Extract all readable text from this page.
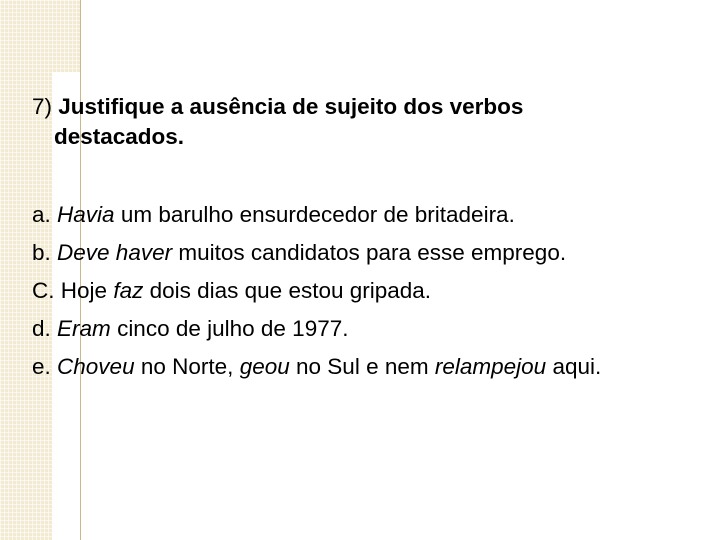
7) Justifique a ausência de sujeito dos verbos destacados.

a. Havia um barulho ensurdecedor de britadeira.

b. Deve haver muitos candidatos para esse emprego.

C. Hoje faz dois dias que estou gripada.

d. Eram cinco de julho de 1977.

e. Choveu no Norte, geou no Sul e nem relampejou aqui.
